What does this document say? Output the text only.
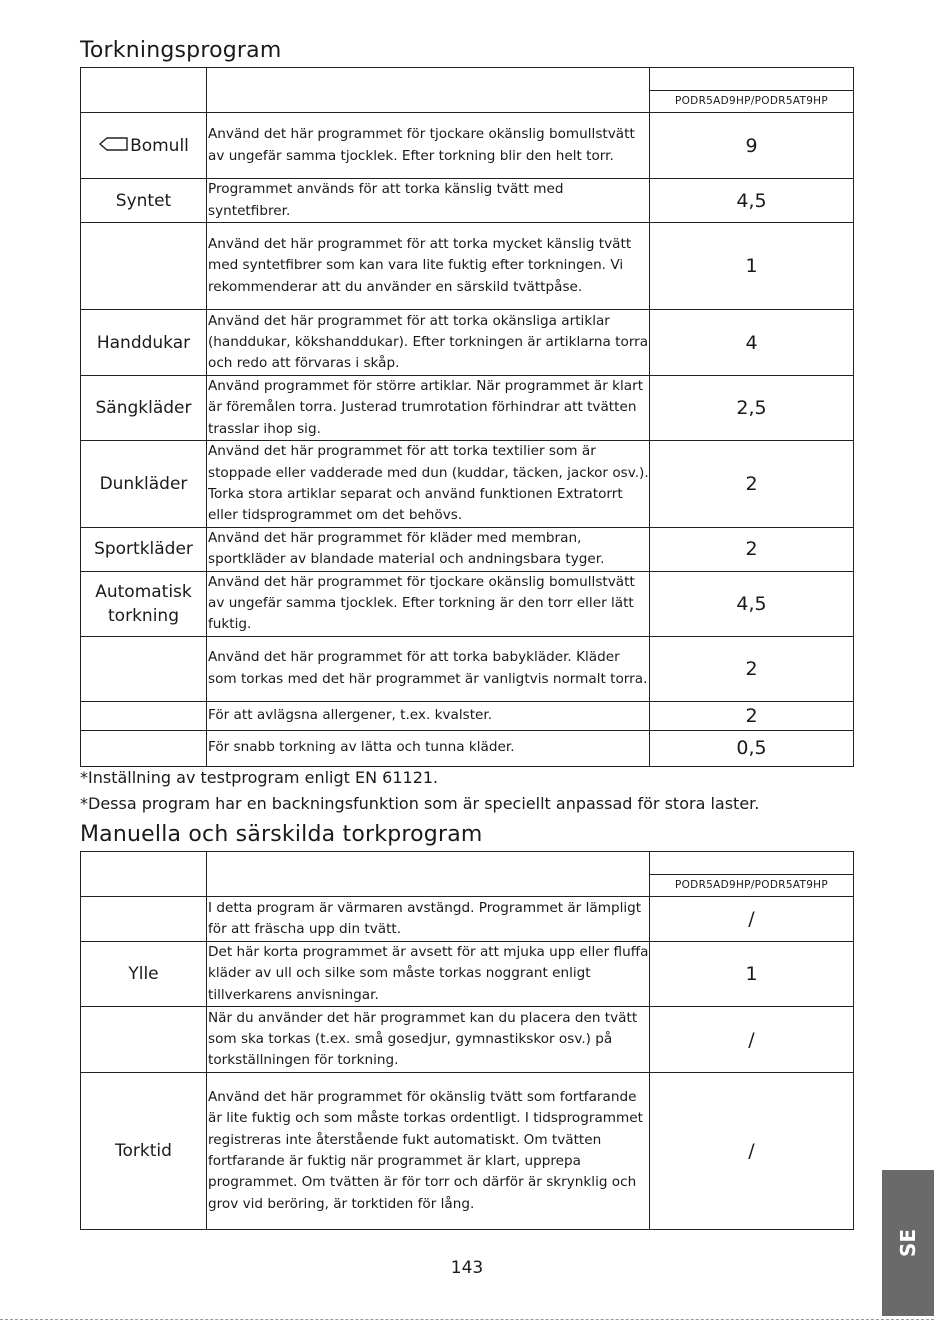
Torkningsprogram

		PODR5AD9HP/PODR5AT9HP

Bomull	Använd det här programmet för tjockare okänslig bomullstvätt av ungefär samma tjocklek. Efter torkning blir den helt torr.	9
Syntet	Programmet används för att torka känslig tvätt med syntetfibrer.	4,5
	Använd det här programmet för att torka mycket känslig tvätt med syntetfibrer som kan vara lite fuktig efter torkningen. Vi rekommenderar att du använder en särskild tvättpåse.	1
Handdukar	Använd det här programmet för att torka okänsliga artiklar (handdukar, kökshanddukar). Efter torkningen är artiklarna torra och redo att förvaras i skåp.	4
Sängkläder	Använd programmet för större artiklar. När programmet är klart är föremålen torra. Justerad trumrotation förhindrar att tvätten trasslar ihop sig.	2,5
Dunkläder	Använd det här programmet för att torka textilier som är stoppade eller vadderade med dun (kuddar, täcken, jackor osv.). Torka stora artiklar separat och använd funktionen Extratorrt eller tidsprogrammet om det behövs.	2
Sportkläder	Använd det här programmet för kläder med membran, sportkläder av blandade material och andningsbara tyger.	2
Automatisk torkning	Använd det här programmet för tjockare okänslig bomullstvätt av ungefär samma tjocklek. Efter torkning är den torr eller lätt fuktig.	4,5
	Använd det här programmet för att torka babykläder. Kläder som torkas med det här programmet är vanligtvis normalt torra.	2
	För att avlägsna allergener, t.ex. kvalster.	2
	För snabb torkning av lätta och tunna kläder.	0,5

*Inställning av testprogram enligt EN 61121.

*Dessa program har en backningsfunktion som är speciellt anpassad för stora laster.

Manuella och särskilda torkprogram

		PODR5AD9HP/PODR5AT9HP

	I detta program är värmaren avstängd. Programmet är lämpligt för att fräscha upp din tvätt.	/
Ylle	Det här korta programmet är avsett för att mjuka upp eller fluffa kläder av ull och silke som måste torkas noggrant enligt tillverkarens anvisningar.	1
	När du använder det här programmet kan du placera den tvätt som ska torkas (t.ex. små gosedjur, gymnastikskor osv.) på torkställningen för torkning.	/
Torktid	Använd det här programmet för okänslig tvätt som fortfarande är lite fuktig och som måste torkas ordentligt. I tidsprogrammet registreras inte återstående fukt automatiskt. Om tvätten fortfarande är fuktig när programmet är klart, upprepa programmet. Om tvätten är för torr och därför är skrynklig och grov vid beröring, är torktiden för lång.	/
143
SE
